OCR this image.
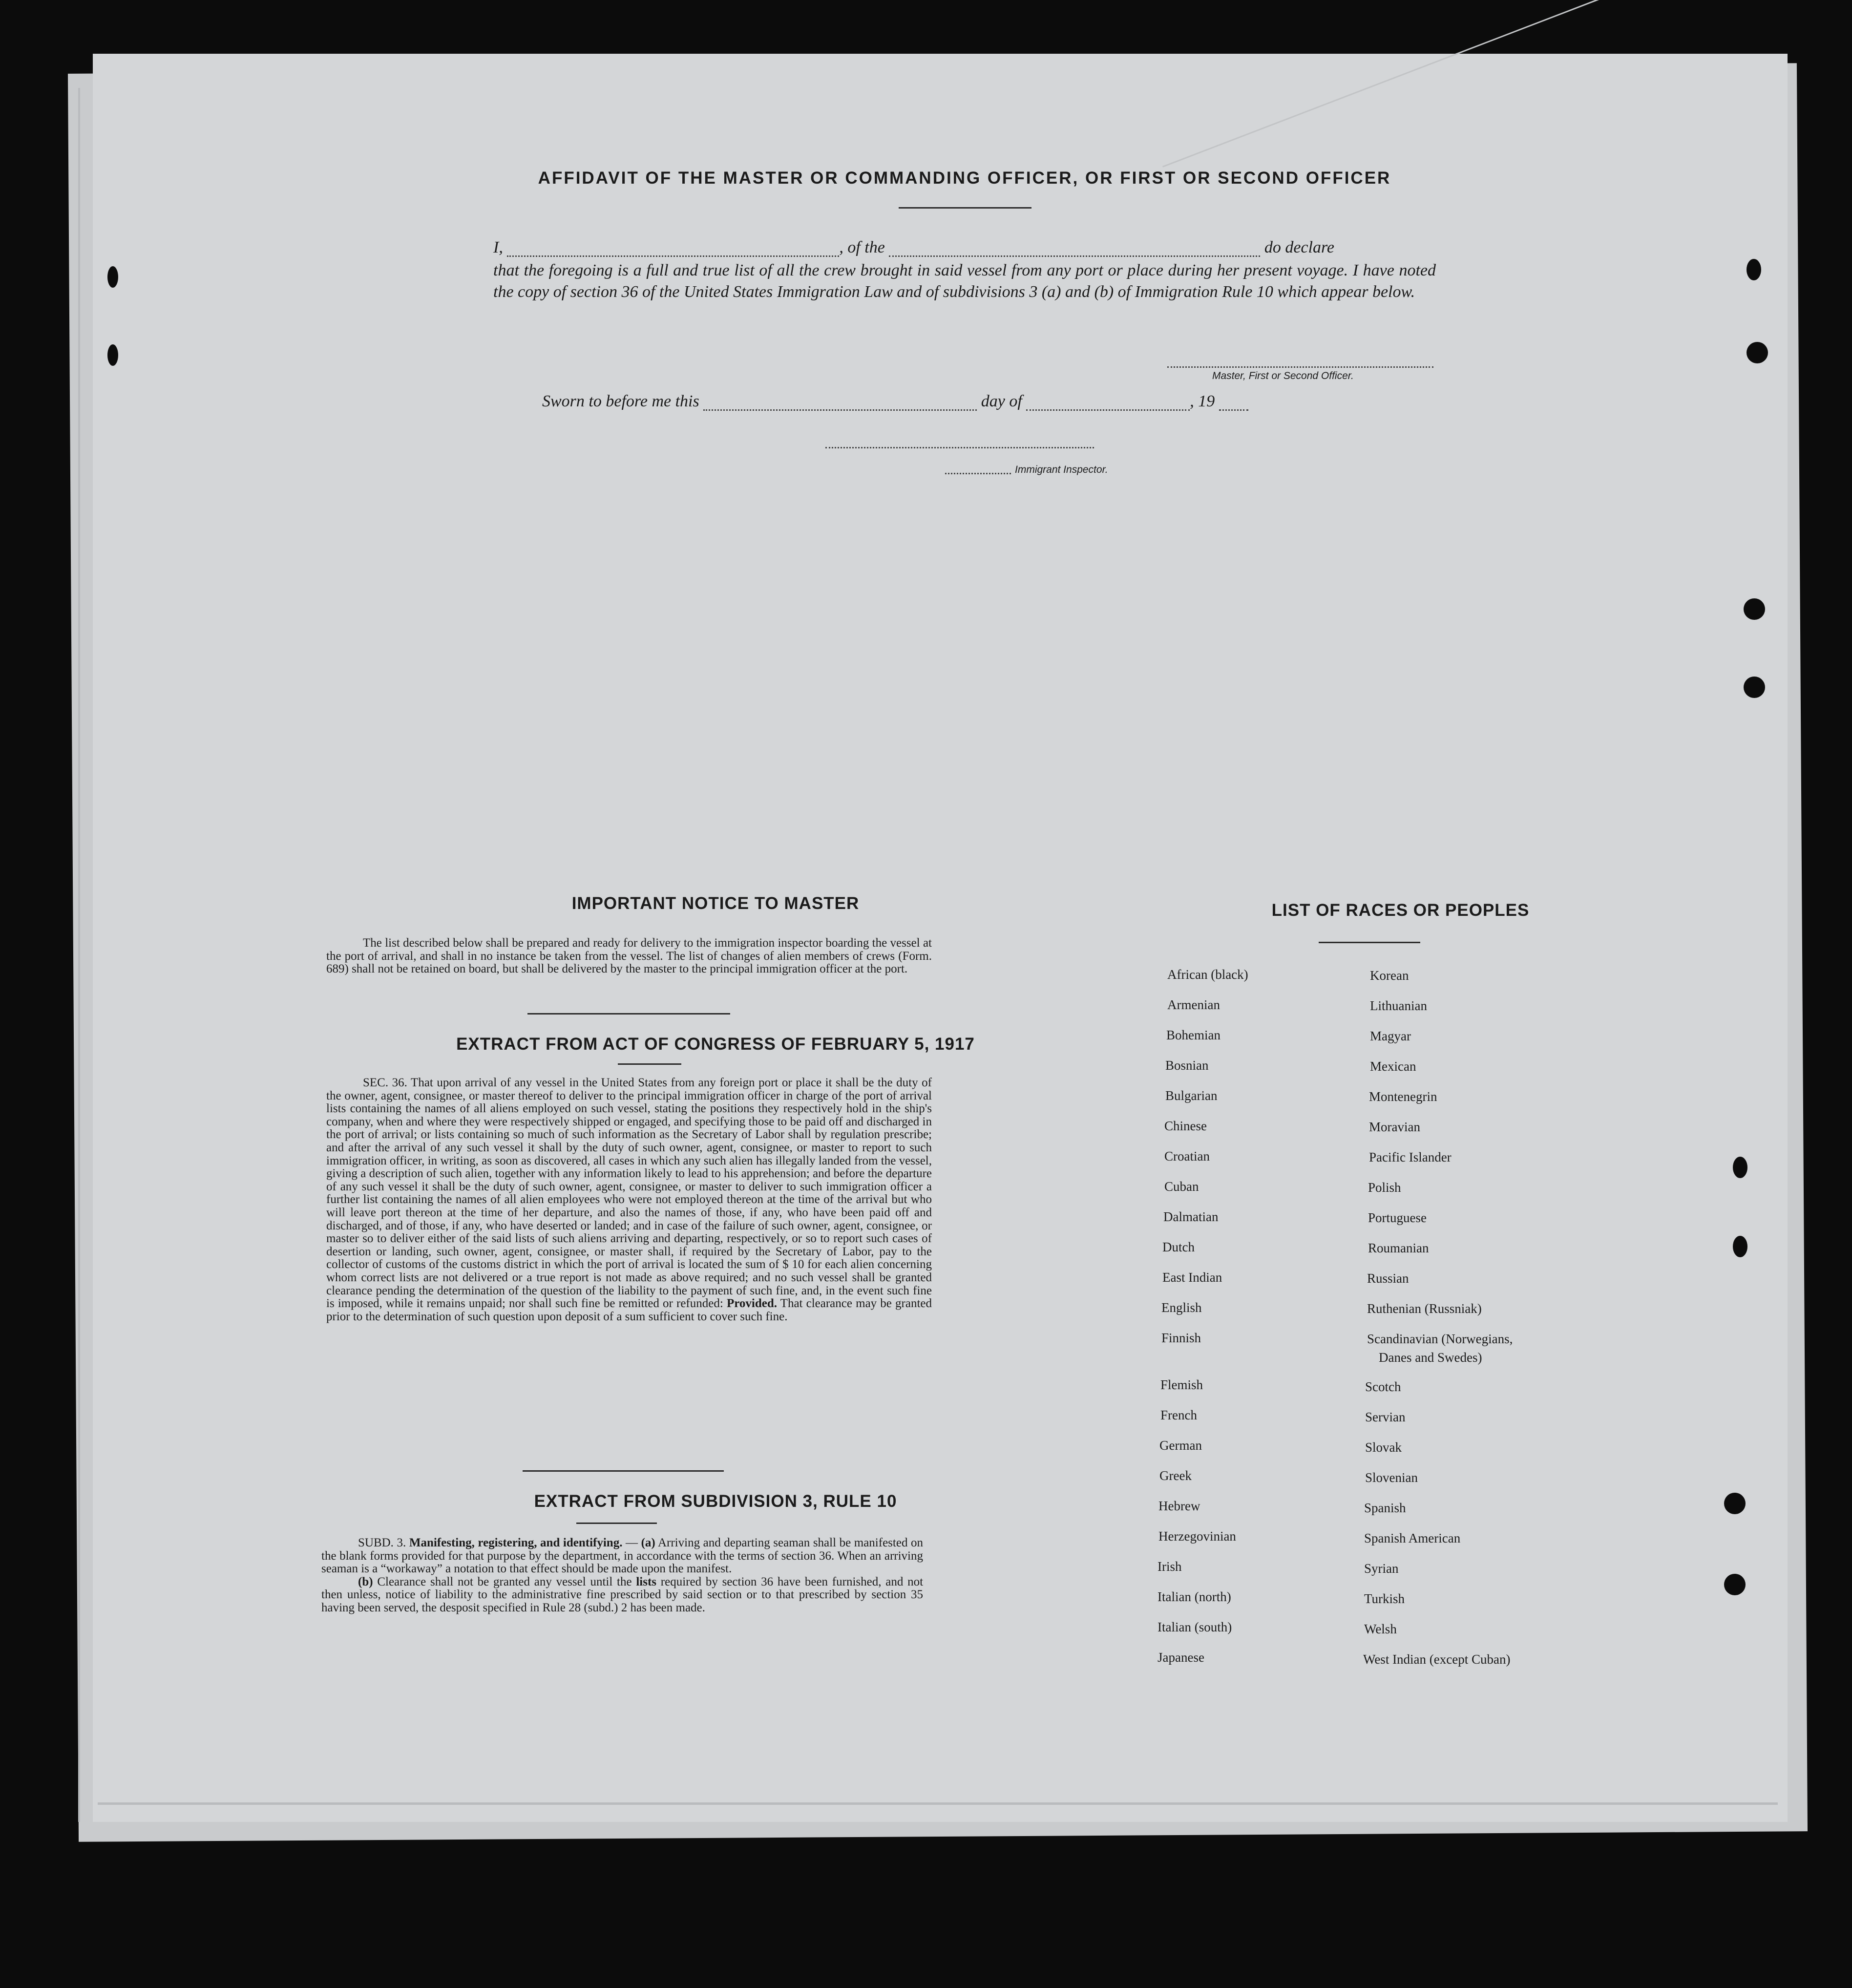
AFFIDAVIT OF THE MASTER OR COMMANDING OFFICER, OR FIRST OR SECOND OFFICER
I,	, of the	do declare
that the foregoing is a full and true list of all the crew brought in said vessel from any port or place during her present voyage. I have noted the copy of section 36 of the United States Immigration Law and of subdivisions 3 (a) and (b) of Immigration Rule 10 which appear below.
Master, First or Second Officer.
Sworn to before me this	day of	, 19
Immigrant Inspector.
IMPORTANT NOTICE TO MASTER

The list described below shall be prepared and ready for delivery to the immigration inspector boarding the vessel at the port of arrival, and shall in no instance be taken from the vessel. The list of changes of alien members of crews (Form. 689) shall not be retained on board, but shall be delivered by the master to the principal immigration officer at the port.

EXTRACT FROM ACT OF CONGRESS OF FEBRUARY 5, 1917

SEC. 36. That upon arrival of any vessel in the United States from any foreign port or place it shall be the duty of the owner, agent, consignee, or master thereof to deliver to the principal immigration officer in charge of the port of arrival lists containing the names of all aliens employed on such vessel, stating the positions they respectively hold in the ship's company, when and where they were respectively shipped or engaged, and specifying those to be paid off and discharged in the port of arrival; or lists containing so much of such information as the Secretary of Labor shall by regulation prescribe; and after the arrival of any such vessel it shall by the duty of such owner, agent, consignee, or master to report to such immigration officer, in writing, as soon as discovered, all cases in which any such alien has illegally landed from the vessel, giving a description of such alien, together with any information likely to lead to his apprehension; and before the departure of any such vessel it shall be the duty of such owner, agent, consignee, or master to deliver to such immigration officer a further list containing the names of all alien employees who were not employed thereon at the time of the arrival but who will leave port thereon at the time of her departure, and also the names of those, if any, who have been paid off and discharged, and of those, if any, who have deserted or landed; and in case of the failure of such owner, agent, consignee, or master so to deliver either of the said lists of such aliens arriving and departing, respectively, or so to report such cases of desertion or landing, such owner, agent, consignee, or master shall, if required by the Secretary of Labor, pay to the collector of customs of the customs district in which the port of arrival is located the sum of $ 10 for each alien concerning whom correct lists are not delivered or a true report is not made as above required; and no such vessel shall be granted clearance pending the determination of the question of the liability to the payment of such fine, and, in the event such fine is imposed, while it remains unpaid; nor shall such fine be remitted or refunded: Provided. That clearance may be granted prior to the determination of such question upon deposit of a sum sufficient to cover such fine.

EXTRACT FROM SUBDIVISION 3, RULE 10

SUBD. 3. Manifesting, registering, and identifying. — (a) Arriving and departing seaman shall be manifested on the blank forms provided for that purpose by the department, in accordance with the terms of section 36. When an arriving seaman is a “workaway” a notation to that effect should be made upon the manifest.

(b) Clearance shall not be granted any vessel until the lists required by section 36 have been furnished, and not then unless, notice of liability to the administrative fine prescribed by said section or to that prescribed by section 35 having been served, the desposit specified in Rule 28 (subd.) 2 has been made.

LIST OF RACES OR PEOPLES
African (black)
Armenian
Bohemian
Bosnian
Bulgarian
Chinese
Croatian
Cuban
Dalmatian
Dutch
East Indian
English
Finnish
Flemish
French
German
Greek
Hebrew
Herzegovinian
Irish
Italian (north)
Italian (south)
Japanese
Korean
Lithuanian
Magyar
Mexican
Montenegrin
Moravian
Pacific Islander
Polish
Portuguese
Roumanian
Russian
Ruthenian (Russniak)
Scandinavian (Norwegians,
Danes and Swedes)
Scotch
Servian
Slovak
Slovenian
Spanish
Spanish American
Syrian
Turkish
Welsh
West Indian (except Cuban)
